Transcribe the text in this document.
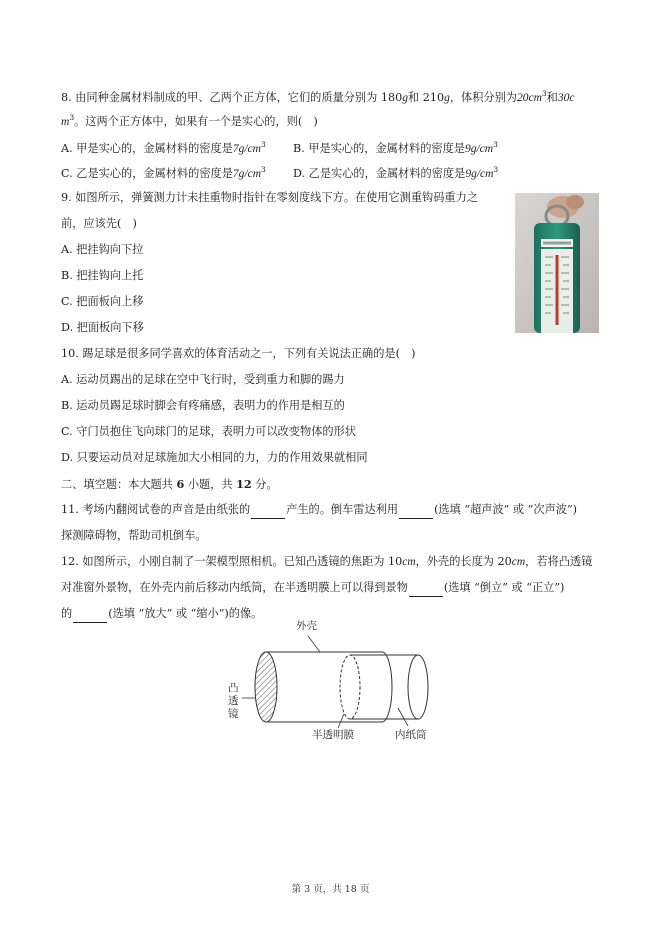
8. 由同种金属材料制成的甲、乙两个正方体，它们的质量分别为 180g和 210g，体积分别为$20cm^3$和30c
$m^3$。这两个正方体中，如果有一个是实心的，则(　)
A. 甲是实心的，金属材料的密度是$7g/cm^3$ B. 甲是实心的，金属材料的密度是$9g/cm^3$
C. 乙是实心的，金属材料的密度是$7g/cm^3$ D. 乙是实心的，金属材料的密度是$9g/cm^3$
9. 如图所示，弹簧测力计未挂重物时指针在零刻度线下方。在使用它测重钩码重力之
前，应该先(　)
A. 把挂钩向下拉
B. 把挂钩向上托
C. 把面板向上移
D. 把面板向下移
10. 踢足球是很多同学喜欢的体育活动之一，下列有关说法正确的是(　)
A. 运动员踢出的足球在空中飞行时，受到重力和脚的踢力
B. 运动员踢足球时脚会有疼痛感，表明力的作用是相互的
C. 守门员抱住飞向球门的足球，表明力可以改变物体的形状
D. 只要运动员对足球施加大小相同的力，力的作用效果就相同
二、填空题：本大题共 6 小题，共 12 分。
11. 考场内翻阅试卷的声音是由纸张的	产生的。倒车雷达利用	(选填 “超声波” 或 “次声波”)
探测障碍物，帮助司机倒车。
12. 如图所示，小刚自制了一架模型照相机。已知凸透镜的焦距为 10cm，外壳的长度为 20cm，若将凸透镜
对准窗外景物，在外壳内前后移动内纸筒，在半透明膜上可以得到景物	(选填 “倒立” 或 “正立”)
的	(选填 “放大” 或 “缩小”)的像。
外壳
凸透镜
半透明膜	内纸筒
第 3 页，共 18 页
